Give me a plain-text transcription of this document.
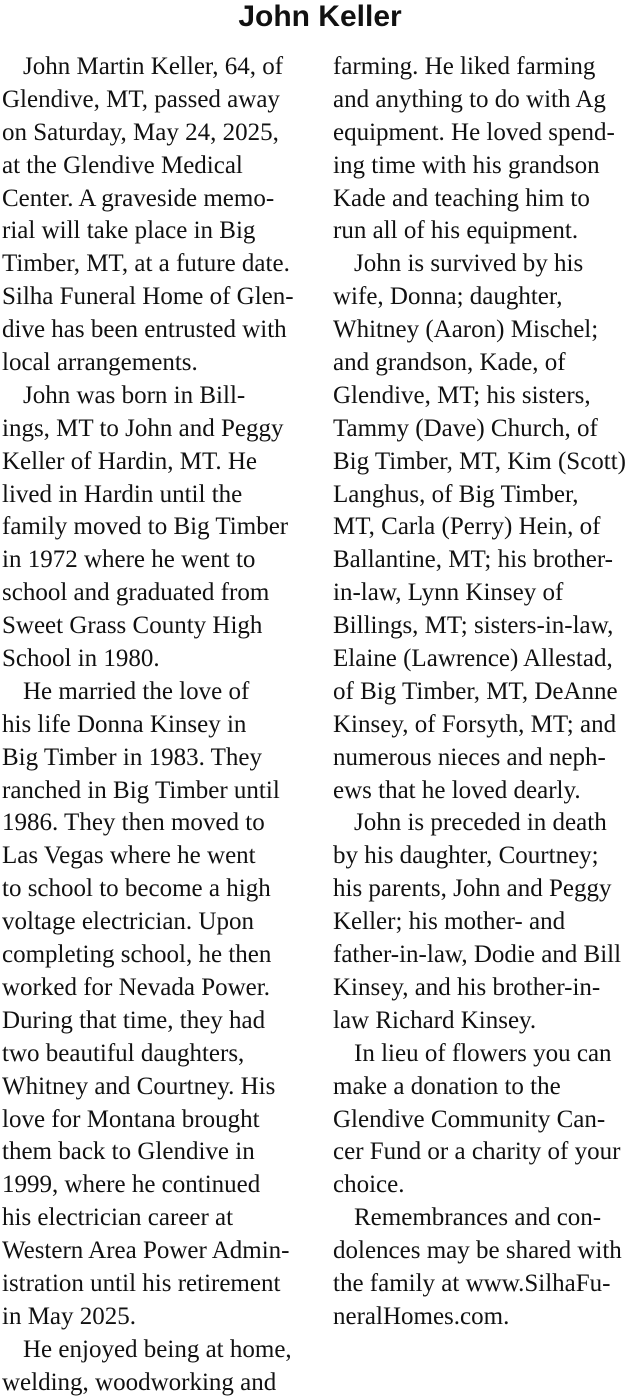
John Keller
John Martin Keller, 64, of
Glendive, MT, passed away
on Saturday, May 24, 2025,
at the Glendive Medical
Center. A graveside memo-
rial will take place in Big
Timber, MT, at a future date.
Silha Funeral Home of Glen-
dive has been entrusted with
local arrangements.
John was born in Bill-
ings, MT to John and Peggy
Keller of Hardin, MT. He
lived in Hardin until the
family moved to Big Timber
in 1972 where he went to
school and graduated from
Sweet Grass County High
School in 1980.
He married the love of
his life Donna Kinsey in
Big Timber in 1983. They
ranched in Big Timber until
1986. They then moved to
Las Vegas where he went
to school to become a high
voltage electrician. Upon
completing school, he then
worked for Nevada Power.
During that time, they had
two beautiful daughters,
Whitney and Courtney. His
love for Montana brought
them back to Glendive in
1999, where he continued
his electrician career at
Western Area Power Admin-
istration until his retirement
in May 2025.
He enjoyed being at home,
welding, woodworking and
farming. He liked farming
and anything to do with Ag
equipment. He loved spend-
ing time with his grandson
Kade and teaching him to
run all of his equipment.
John is survived by his
wife, Donna; daughter,
Whitney (Aaron) Mischel;
and grandson, Kade, of
Glendive, MT; his sisters,
Tammy (Dave) Church, of
Big Timber, MT, Kim (Scott)
Langhus, of Big Timber,
MT, Carla (Perry) Hein, of
Ballantine, MT; his brother-
in-law, Lynn Kinsey of
Billings, MT; sisters-in-law,
Elaine (Lawrence) Allestad,
of Big Timber, MT, DeAnne
Kinsey, of Forsyth, MT; and
numerous nieces and neph-
ews that he loved dearly.
John is preceded in death
by his daughter, Courtney;
his parents, John and Peggy
Keller; his mother- and
father-in-law, Dodie and Bill
Kinsey, and his brother-in-
law Richard Kinsey.
In lieu of flowers you can
make a donation to the
Glendive Community Can-
cer Fund or a charity of your
choice.
Remembrances and con-
dolences may be shared with
the family at www.SilhaFu-
neralHomes.com.
